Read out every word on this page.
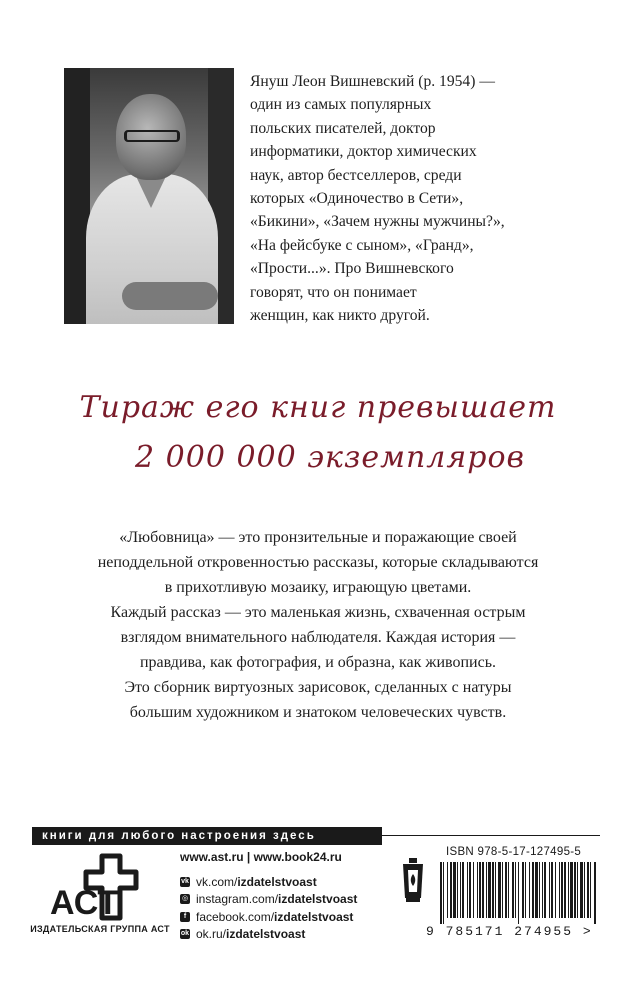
Януш Леон Вишневский (р. 1954) —
один из самых популярных
польских писателей, доктор
информатики, доктор химических
наук, автор бестселлеров, среди
которых «Одиночество в Сети»,
«Бикини», «Зачем нужны мужчины?»,
«На фейсбуке с сыном», «Гранд»,
«Прости...». Про Вишневского
говорят, что он понимает
женщин, как никто другой.
Тираж его книг превышает
2 000 000 экземпляров
«Любовница» — это пронзительные и поражающие своей
неподдельной откровенностью рассказы, которые складываются
в прихотливую мозаику, играющую цветами.
Каждый рассказ — это маленькая жизнь, схваченная острым
взглядом внимательного наблюдателя. Каждая история —
правдива, как фотография, и образна, как живопись.
Это сборник виртуозных зарисовок, сделанных с натуры
большим художником и знатоком человеческих чувств.
книги для любого настроения здесь
АСТ
ИЗДАТЕЛЬСКАЯ ГРУППА АСТ
www.ast.ru | www.book24.ru
vk vk.com/ izdatelstvoast
◎ instagram.com/ izdatelstvoast
f facebook.com/ izdatelstvoast
ok ok.ru/ izdatelstvoast
ISBN 978-5-17-127495-5
9 785171 274955 >
